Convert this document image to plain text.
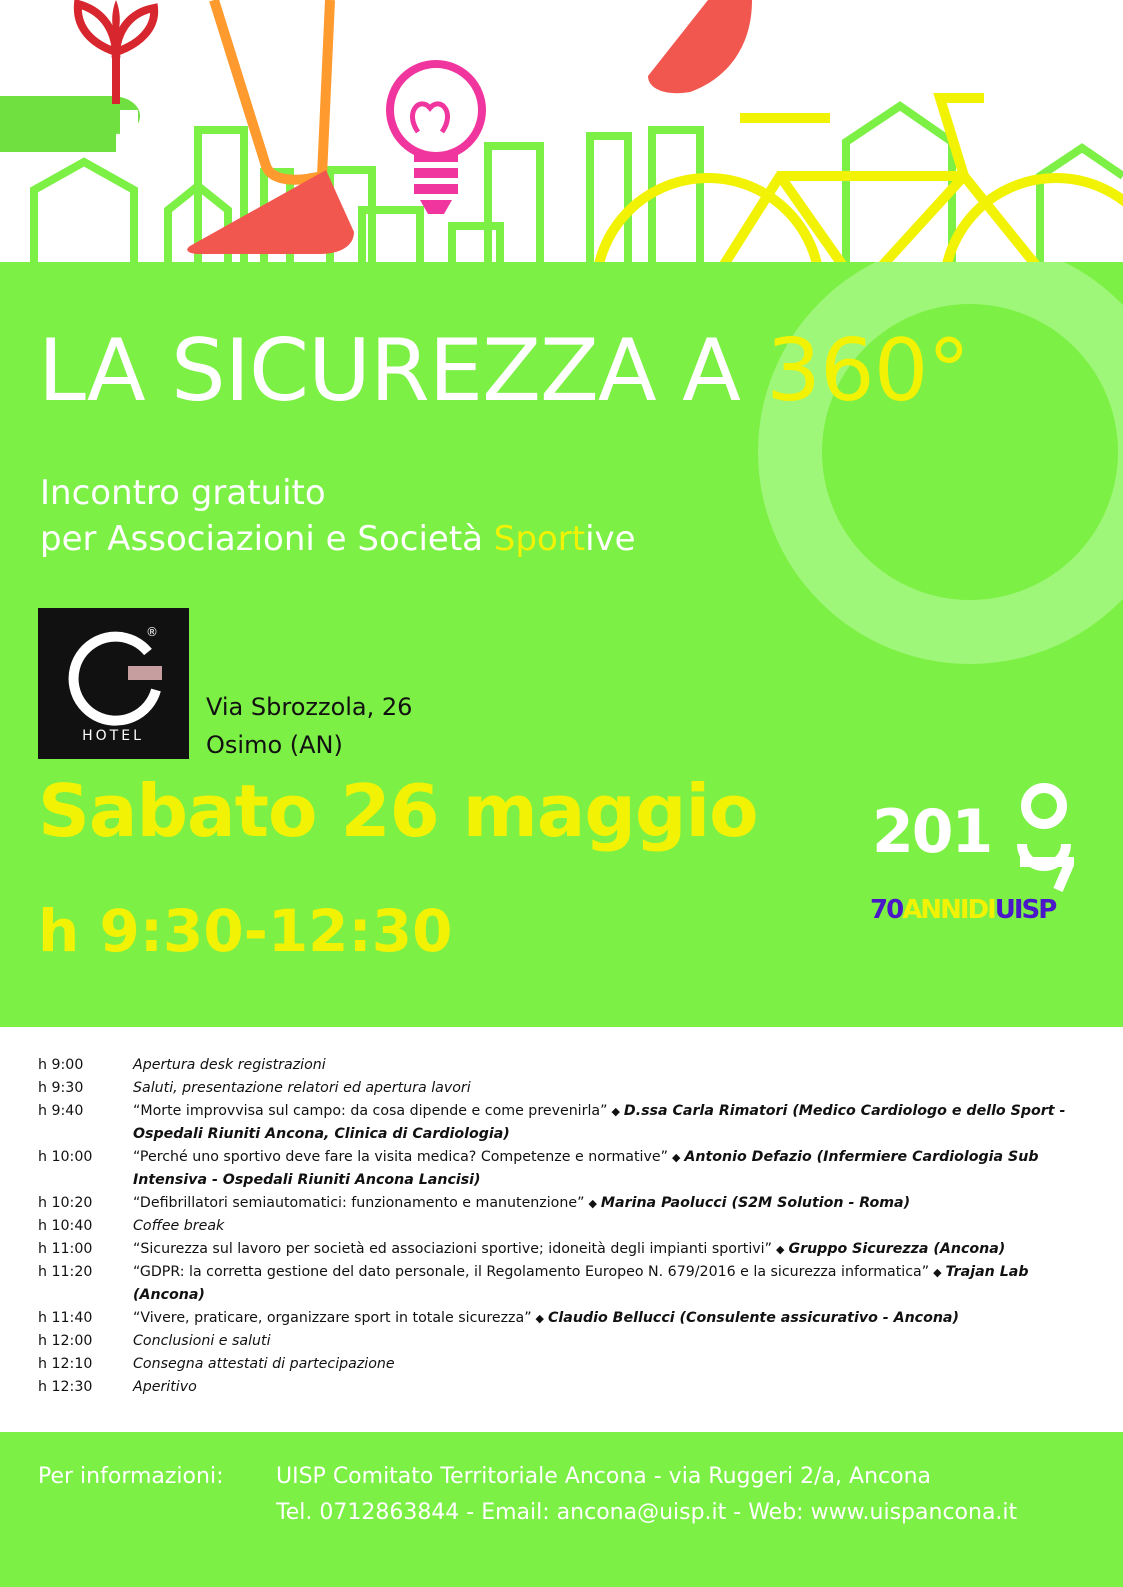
LA SICUREZZA A 360°
Incontro gratuito
per Associazioni e Società Sportive
®
HOTEL
Via Sbrozzola, 26
Osimo (AN)
Sabato 26 maggio
h 9:30-12:30
201
70ANNIDIUISP
h 9:00	Apertura desk registrazioni
h 9:30	Saluti, presentazione relatori ed apertura lavori
h 9:40	“Morte improvvisa sul campo: da cosa dipende e come prevenirla” ◆ D.ssa Carla Rimatori (Medico Cardiologo e dello Sport - Ospedali Riuniti Ancona, Clinica di Cardiologia)
h 10:00	“Perché uno sportivo deve fare la visita medica? Competenze e normative” ◆ Antonio Defazio (Infermiere Cardiologia Sub Intensiva - Ospedali Riuniti Ancona Lancisi)
h 10:20	“Defibrillatori semiautomatici: funzionamento e manutenzione” ◆ Marina Paolucci (S2M Solution - Roma)
h 10:40	Coffee break
h 11:00	“Sicurezza sul lavoro per società ed associazioni sportive; idoneità degli impianti sportivi” ◆ Gruppo Sicurezza (Ancona)
h 11:20	“GDPR: la corretta gestione del dato personale, il Regolamento Europeo N. 679/2016 e la sicurezza informatica” ◆ Trajan Lab (Ancona)
h 11:40	“Vivere, praticare, organizzare sport in totale sicurezza” ◆ Claudio Bellucci (Consulente assicurativo - Ancona)
h 12:00	Conclusioni e saluti
h 12:10	Consegna attestati di partecipazione
h 12:30	Aperitivo
Per informazioni: UISP Comitato Territoriale Ancona - via Ruggeri 2/a, Ancona
Tel. 0712863844 - Email: ancona@uisp.it - Web: www.uispancona.it
